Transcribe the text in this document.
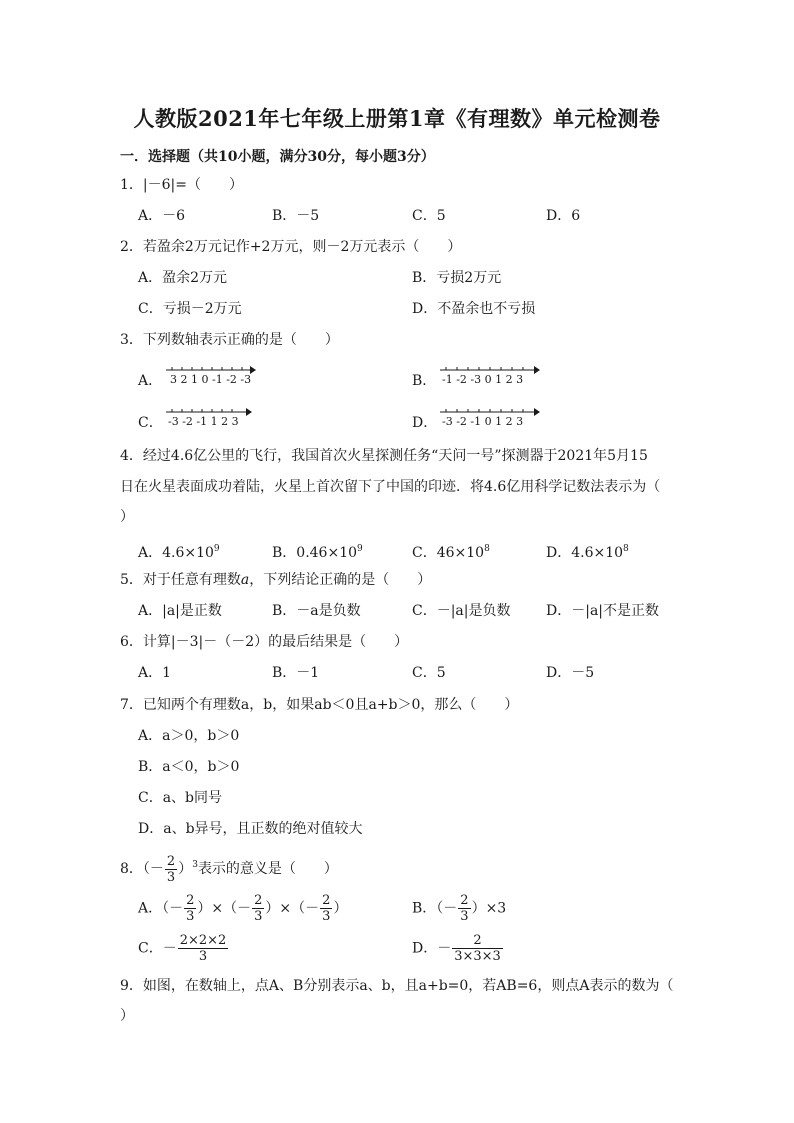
人教版2021年七年级上册第1章《有理数》单元检测卷
一．选择题（共10小题，满分30分，每小题3分）
1．|－6|=（　　）
A．－6	B．－5	C．5	D．6
2．若盈余2万元记作+2万元，则－2万元表示（　　）
A．盈余2万元	B．亏损2万元
C．亏损－2万元	D．不盈余也不亏损
3．下列数轴表示正确的是（　　）
A． 3 2 1 0 -1 -2 -3	B． -1 -2 -3 0 1 2 3
C． -3 -2 -1 1 2 3	D． -3 -2 -1 0 1 2 3
4．经过4.6亿公里的飞行，我国首次火星探测任务“天问一号”探测器于2021年5月15
日在火星表面成功着陆，火星上首次留下了中国的印迹．将4.6亿用科学记数法表示为（
）
A．$4.6\times 10^9$	B．$0.46\times 10^9$	C．$46\times 10^8$	D．$4.6\times 10^8$
5．对于任意有理数a，下列结论正确的是（　　）
A．|a|是正数	B．－a是负数	C．－|a|是负数	D．－|a|不是正数
6．计算|－3|－（－2）的最后结果是（　　）
A．1	B．－1	C．5	D．－5
7．已知两个有理数a，b，如果ab＜0且a+b＞0，那么（　　）
A．a＞0，b＞0
B．a＜0，b＞0
C．a、b同号
D．a、b异号，且正数的绝对值较大
8．（－ $\frac{2}{3} )^3$表示的意义是（　　）
A．（－ $\frac{2}{3}$ ）×（－ $\frac{2}{3}$ ）×（－ $\frac{2}{3}$ ）	B．（－ $\frac{2}{3} )\times 3$
C．－ $\frac{2\times 2\times 2}{3}$	D．－ $\frac{2}{3\times 3\times 3}$
9．如图，在数轴上，点A、B分别表示a、b，且a+b=0，若AB=6，则点A表示的数为（
）
